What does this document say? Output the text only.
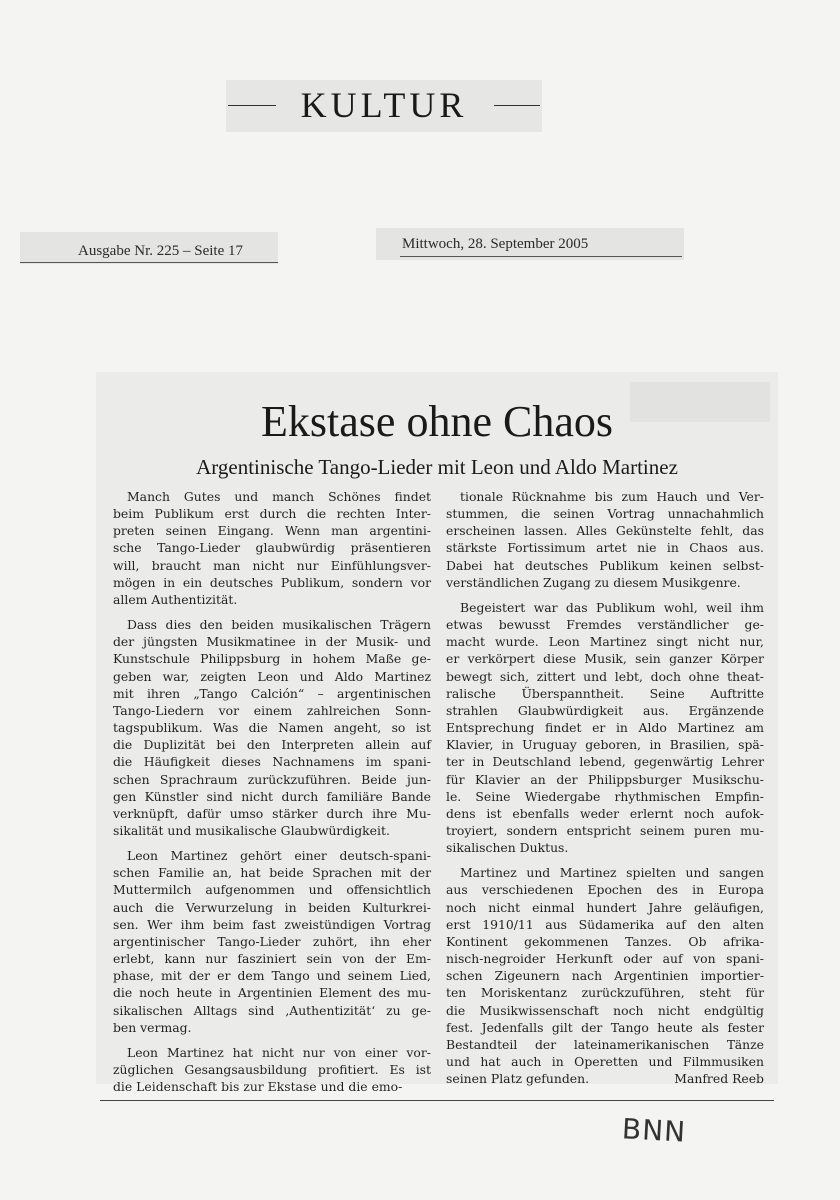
KULTUR
Ausgabe Nr. 225 – Seite 17	Mittwoch, 28. September 2005
Ekstase ohne Chaos
Argentinische Tango-Lieder mit Leon und Aldo Martinez

Manch Gutes und manch Schönes findet
beim Publikum erst durch die rechten Inter-
preten seinen Eingang. Wenn man argentini-
sche Tango-Lieder glaubwürdig präsentieren
will, braucht man nicht nur Einfühlungsver-
mögen in ein deutsches Publikum, sondern vor
allem Authentizität.

Dass dies den beiden musikalischen Trägern
der jüngsten Musikmatinee in der Musik- und
Kunstschule Philippsburg in hohem Maße ge-
geben war, zeigten Leon und Aldo Martinez
mit ihren „Tango Calción“ – argentinischen
Tango-Liedern vor einem zahlreichen Sonn-
tagspublikum. Was die Namen angeht, so ist
die Duplizität bei den Interpreten allein auf
die Häufigkeit dieses Nachnamens im spani-
schen Sprachraum zurückzuführen. Beide jun-
gen Künstler sind nicht durch familiäre Bande
verknüpft, dafür umso stärker durch ihre Mu-
sikalität und musikalische Glaubwürdigkeit.

Leon Martinez gehört einer deutsch-spani-
schen Familie an, hat beide Sprachen mit der
Muttermilch aufgenommen und offensichtlich
auch die Verwurzelung in beiden Kulturkrei-
sen. Wer ihm beim fast zweistündigen Vortrag
argentinischer Tango-Lieder zuhört, ihn eher
erlebt, kann nur fasziniert sein von der Em-
phase, mit der er dem Tango und seinem Lied,
die noch heute in Argentinien Element des mu-
sikalischen Alltags sind ‚Authentizität‘ zu ge-
ben vermag.

Leon Martinez hat nicht nur von einer vor-
züglichen Gesangsausbildung profitiert. Es ist
die Leidenschaft bis zur Ekstase und die emo-

tionale Rücknahme bis zum Hauch und Ver-
stummen, die seinen Vortrag unnachahmlich
erscheinen lassen. Alles Gekünstelte fehlt, das
stärkste Fortissimum artet nie in Chaos aus.
Dabei hat deutsches Publikum keinen selbst-
verständlichen Zugang zu diesem Musikgenre.

Begeistert war das Publikum wohl, weil ihm
etwas bewusst Fremdes verständlicher ge-
macht wurde. Leon Martinez singt nicht nur,
er verkörpert diese Musik, sein ganzer Körper
bewegt sich, zittert und lebt, doch ohne theat-
ralische Überspanntheit. Seine Auftritte
strahlen Glaubwürdigkeit aus. Ergänzende
Entsprechung findet er in Aldo Martinez am
Klavier, in Uruguay geboren, in Brasilien, spä-
ter in Deutschland lebend, gegenwärtig Lehrer
für Klavier an der Philippsburger Musikschu-
le. Seine Wiedergabe rhythmischen Empfin-
dens ist ebenfalls weder erlernt noch aufok-
troyiert, sondern entspricht seinem puren mu-
sikalischen Duktus.

Martinez und Martinez spielten und sangen
aus verschiedenen Epochen des in Europa
noch nicht einmal hundert Jahre geläufigen,
erst 1910/11 aus Südamerika auf den alten
Kontinent gekommenen Tanzes. Ob afrika-
nisch-negroider Herkunft oder auf von spani-
schen Zigeunern nach Argentinien importier-
ten Moriskentanz zurückzuführen, steht für
die Musikwissenschaft noch nicht endgültig
fest. Jedenfalls gilt der Tango heute als fester
Bestandteil der lateinamerikanischen Tänze
und hat auch in Operetten und Filmmusiken

seinen Platz gefunden.	Manfred Reeb
BNN
